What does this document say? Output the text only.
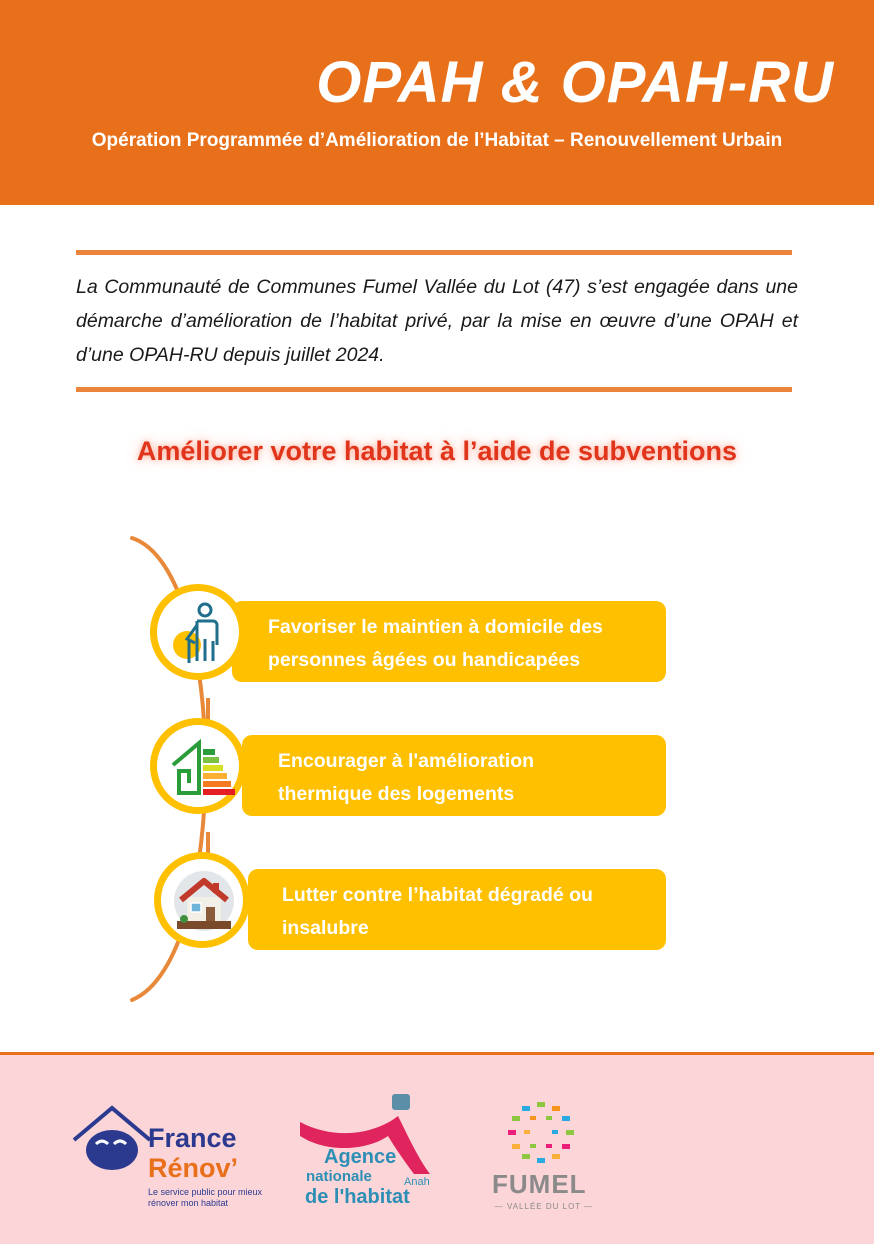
OPAH & OPAH-RU
Opération Programmée d’Amélioration de l’Habitat – Renouvellement Urbain

La Communauté de Communes Fumel Vallée du Lot (47) s’est engagée dans une démarche d’amélioration de l’habitat privé, par la mise en œuvre d’une OPAH et d’une OPAH-RU depuis juillet 2024.

Améliorer votre habitat à l’aide de subventions
Favoriser le maintien à domicile des
personnes âgées ou handicapées
Encourager à l'amélioration
thermique des logements
Lutter contre l’habitat dégradé ou
insalubre
France
Rénov’
Le service public pour mieux rénover mon habitat
Agence
nationale
de l'habitat
Anah FUMEL
— VALLÉE DU LOT —
